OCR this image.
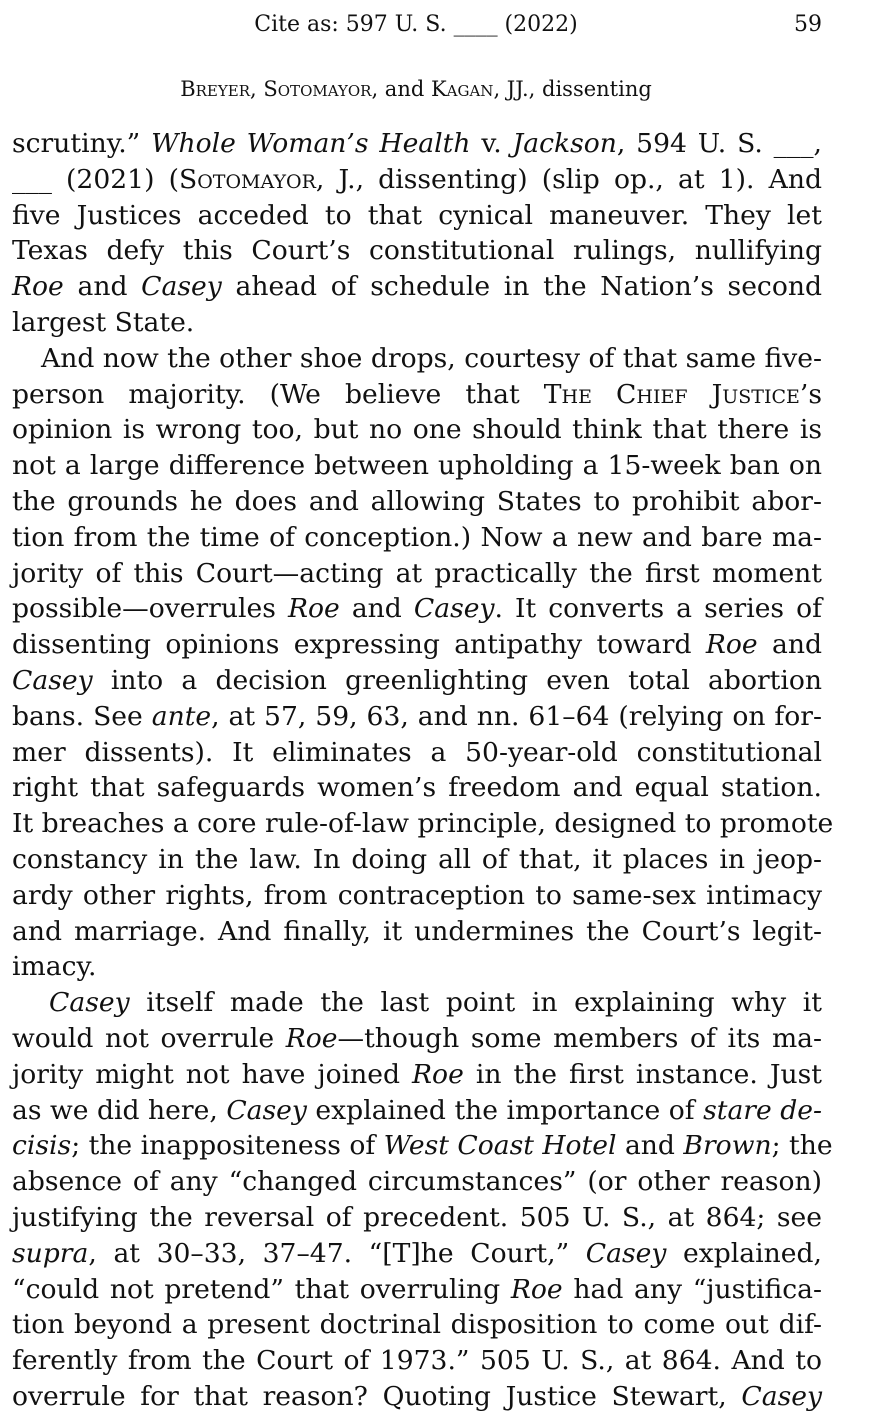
Cite as: 597 U. S. ____ (2022)	59
Breyer, Sotomayor, and Kagan, JJ., dissenting
scrutiny.” Whole Woman’s Health v. Jackson, 594 U. S. ___,
___ (2021) (Sotomayor, J., dissenting) (slip op., at 1). And
five Justices acceded to that cynical maneuver. They let
Texas defy this Court’s constitutional rulings, nullifying
Roe and Casey ahead of schedule in the Nation’s second
largest State.
And now the other shoe drops, courtesy of that same five-
person majority. (We believe that The Chief Justice’s
opinion is wrong too, but no one should think that there is
not a large difference between upholding a 15-week ban on
the grounds he does and allowing States to prohibit abor-
tion from the time of conception.) Now a new and bare ma-
jority of this Court—acting at practically the first moment
possible—overrules Roe and Casey. It converts a series of
dissenting opinions expressing antipathy toward Roe and
Casey into a decision greenlighting even total abortion
bans. See ante, at 57, 59, 63, and nn. 61–64 (relying on for-
mer dissents). It eliminates a 50-year-old constitutional
right that safeguards women’s freedom and equal station.
It breaches a core rule-of-law principle, designed to promote
constancy in the law. In doing all of that, it places in jeop-
ardy other rights, from contraception to same-sex intimacy
and marriage. And finally, it undermines the Court’s legit-
imacy.
Casey itself made the last point in explaining why it
would not overrule Roe—though some members of its ma-
jority might not have joined Roe in the first instance. Just
as we did here, Casey explained the importance of stare de-
cisis; the inappositeness of West Coast Hotel and Brown; the
absence of any “changed circumstances” (or other reason)
justifying the reversal of precedent. 505 U. S., at 864; see
supra, at 30–33, 37–47. “[T]he Court,” Casey explained,
“could not pretend” that overruling Roe had any “justifica-
tion beyond a present doctrinal disposition to come out dif-
ferently from the Court of 1973.” 505 U. S., at 864. And to
overrule for that reason? Quoting Justice Stewart, Casey
